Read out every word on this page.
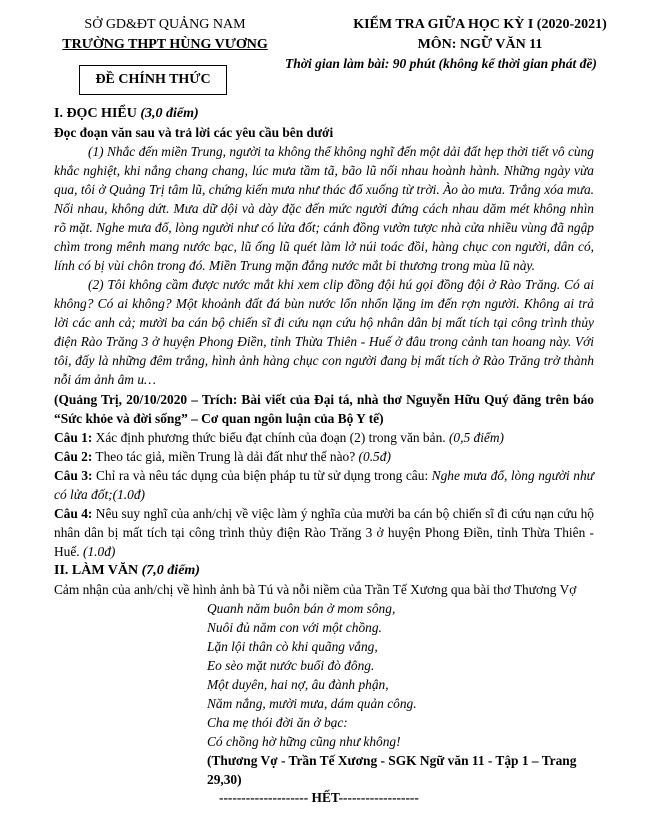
SỞ GD&ĐT QUẢNG NAM
TRƯỜNG THPT HÙNG VƯƠNG
ĐỀ CHÍNH THỨC
KIỂM TRA GIỮA HỌC KỲ I (2020-2021)
MÔN: NGỮ VĂN 11
Thời gian làm bài: 90 phút (không kể thời gian phát đề)
I. ĐỌC HIỂU (3,0 điểm)
Đọc đoạn văn sau và trả lời các yêu cầu bên dưới
(1) Nhắc đến miền Trung, người ta không thể không nghĩ đến một dải đất hẹp thời tiết vô cùng
khắc nghiệt, khi nắng chang chang, lúc mưa tầm tã, bão lũ nối nhau hoành hành. Những ngày vừa
qua, tôi ở Quảng Trị tâm lũ, chứng kiến mưa như thác đổ xuống từ trời. Ào ào mưa. Trắng xóa mưa.
Nối nhau, không dứt. Mưa dữ dội và dày đặc đến mức người đứng cách nhau dăm mét không nhìn
rõ mặt. Nghe mưa đổ, lòng người như có lửa đốt; cánh đồng vườn tược nhà cửa nhiều vùng đã ngập
chìm trong mênh mang nước bạc, lũ ống lũ quét làm lở núi toác đồi, hàng chục con người, dân có,
lính có bị vùi chôn trong đó. Miền Trung mặn đắng nước mắt bi thương trong mùa lũ này.
(2) Tôi không cầm được nước mắt khi xem clip đồng đội hú gọi đồng đội ở Rào Trăng. Có ai
không? Có ai không? Một khoảnh đất đá bùn nước lổn nhổn lặng im đến rợn người. Không ai trả
lời các anh cả; mười ba cán bộ chiến sĩ đi cứu nạn cứu hộ nhân dân bị mất tích tại công trình thủy
điện Rào Trăng 3 ở huyện Phong Điền, tỉnh Thừa Thiên - Huế ở đâu trong cảnh tan hoang này. Với
tôi, đấy là những đêm trắng, hình ảnh hàng chục con người đang bị mất tích ở Rào Trăng trở thành
nỗi ám ảnh âm u…
(Quảng Trị, 20/10/2020 – Trích: Bài viết của Đại tá, nhà thơ Nguyễn Hữu Quý đăng trên báo
“Sức khỏe và đời sống” – Cơ quan ngôn luận của Bộ Y tế)
Câu 1: Xác định phương thức biểu đạt chính của đoạn (2) trong văn bản. (0,5 điểm)
Câu 2: Theo tác giả, miền Trung là dải đất như thế nào? (0.5đ)
Câu 3: Chỉ ra và nêu tác dụng của biện pháp tu từ sử dụng trong câu: Nghe mưa đổ, lòng người như
có lửa đốt;(1.0đ)
Câu 4: Nêu suy nghĩ của anh/chị về việc làm ý nghĩa của mười ba cán bộ chiến sĩ đi cứu nạn cứu hộ
nhân dân bị mất tích tại công trình thủy điện Rào Trăng 3 ở huyện Phong Điền, tỉnh Thừa Thiên -
Huế. (1.0đ)
II. LÀM VĂN (7,0 điểm)
Cảm nhận của anh/chị về hình ảnh bà Tú và nỗi niềm của Trần Tế Xương qua bài thơ Thương Vợ
Quanh năm buôn bán ở mom sông,
Nuôi đủ năm con với một chồng.
Lặn lội thân cò khi quãng vắng,
Eo sèo mặt nước buổi đò đông.
Một duyên, hai nợ, âu đành phận,
Năm nắng, mười mưa, dám quản công.
Cha mẹ thói đời ăn ở bạc:
Có chồng hờ hững cũng như không!
(Thương Vợ - Trần Tế Xương - SGK Ngữ văn 11 - Tập 1 – Trang
29,30)
-------------------- HẾT------------------
